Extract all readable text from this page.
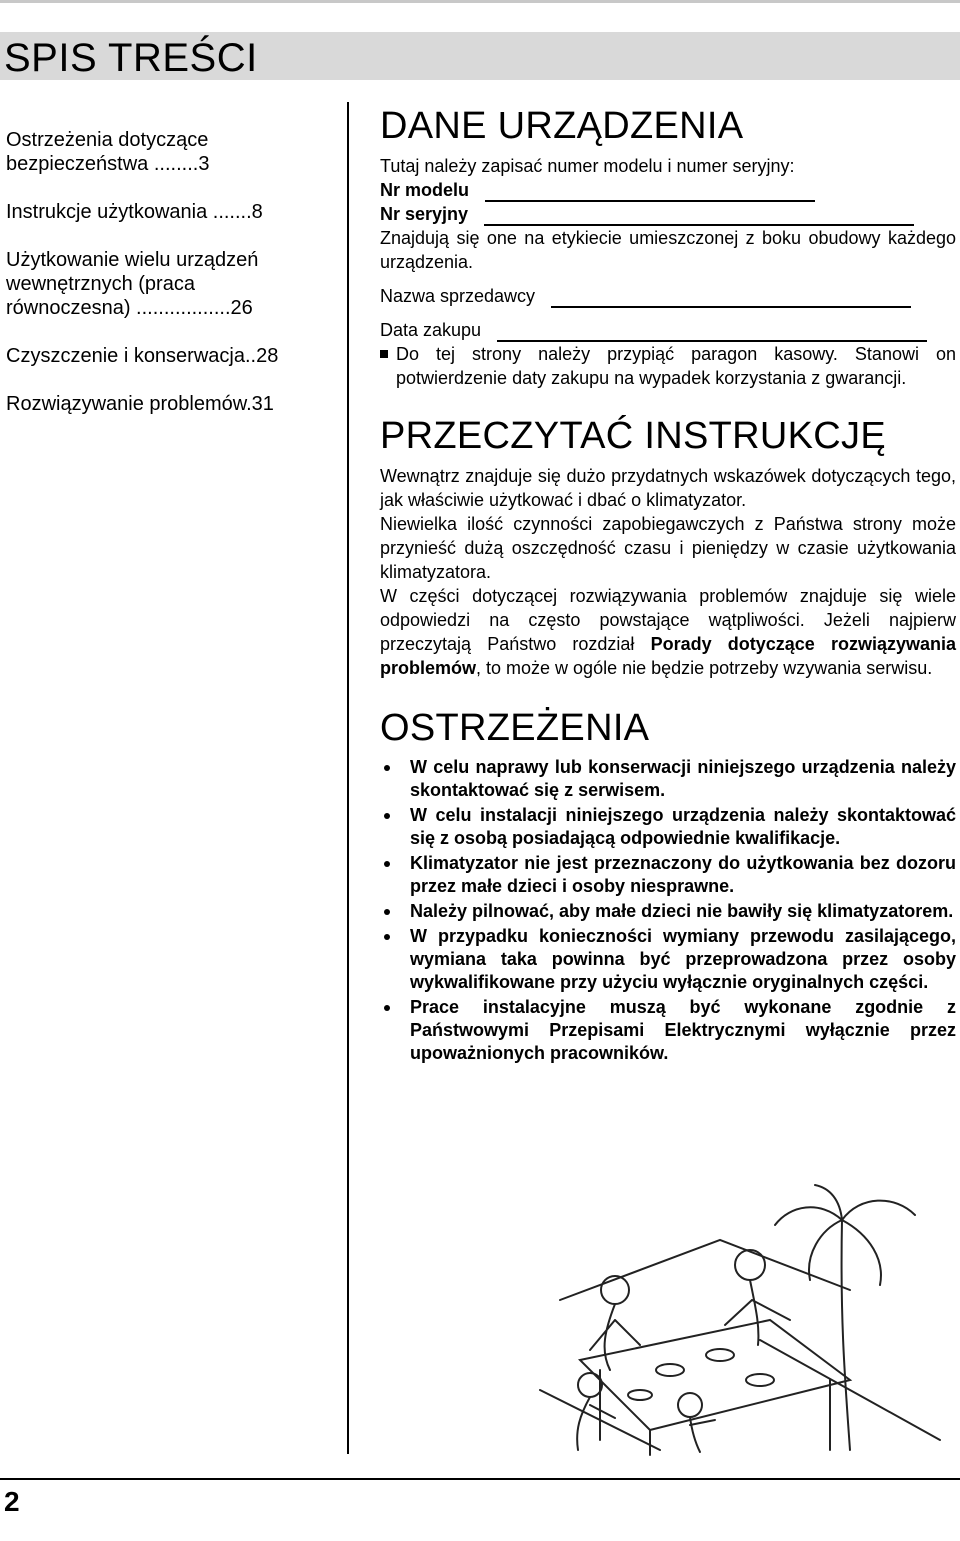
SPIS TREŚCI
Ostrzeżenia dotyczące bezpieczeństwa ........3
Instrukcje użytkowania .......8
Użytkowanie wielu urządzeń wewnętrznych (praca równoczesna) .................26
Czyszczenie i konserwacja..28
Rozwiązywanie problemów.31
DANE URZĄDZENIA

Tutaj należy zapisać numer modelu i numer seryjny:

Nr modelu
Nr seryjny

Znajdują się one na etykiecie umieszczonej z boku obudowy każdego urządzenia.

Nazwa sprzedawcy
Data zakupu
Do tej strony należy przypiąć paragon kasowy. Stanowi on potwierdzenie daty zakupu na wypadek korzystania z gwarancji.
PRZECZYTAĆ INSTRUKCJĘ

Wewnątrz znajduje się dużo przydatnych wskazówek dotyczących tego, jak właściwie użytkować i dbać o klimatyzator.

Niewielka ilość czynności zapobiegawczych z Państwa strony może przynieść dużą oszczędność czasu i pieniędzy w czasie użytkowania klimatyzatora.

W części dotyczącej rozwiązywania problemów znajduje się wiele odpowiedzi na często powstające wątpliwości. Jeżeli najpierw przeczytają Państwo rozdział Porady dotyczące rozwiązywania problemów, to może w ogóle nie będzie potrzeby wzywania serwisu.

OSTRZEŻENIA
W celu naprawy lub konserwacji niniejszego urządzenia należy skontaktować się z serwisem.
W celu instalacji niniejszego urządzenia należy skontaktować się z osobą posiadającą odpowiednie kwalifikacje.
Klimatyzator nie jest przeznaczony do użytkowania bez dozoru przez małe dzieci i osoby niesprawne.
Należy pilnować, aby małe dzieci nie bawiły się klimatyzatorem.
W przypadku konieczności wymiany przewodu zasilającego, wymiana taka powinna być przeprowadzona przez osoby wykwalifikowane przy użyciu wyłącznie oryginalnych części.
Prace instalacyjne muszą być wykonane zgodnie z Państwowymi Przepisami Elektrycznymi wyłącznie przez upoważnionych pracowników.
2
